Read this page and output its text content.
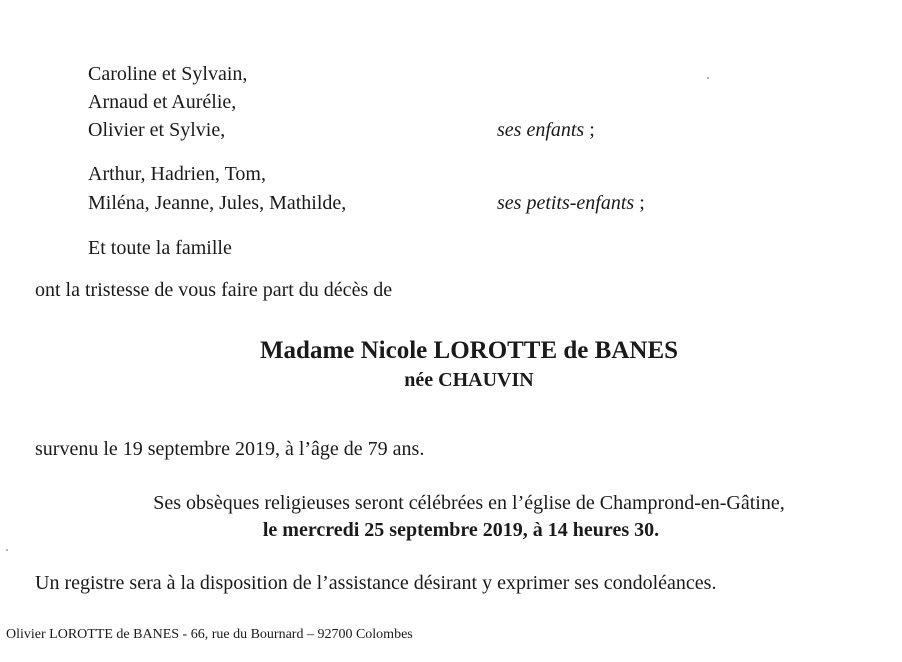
Caroline et Sylvain,
Arnaud et Aurélie,
Olivier et Sylvie,	ses enfants ;
Arthur, Hadrien, Tom,
Miléna, Jeanne, Jules, Mathilde,	ses petits-enfants ;
Et toute la famille
ont la tristesse de vous faire part du décès de
Madame Nicole LOROTTE de BANES
née CHAUVIN
survenu le 19 septembre 2019, à l’âge de 79 ans.
Ses obsèques religieuses seront célébrées en l’église de Champrond-en-Gâtine,
le mercredi 25 septembre 2019, à 14 heures 30.
Un registre sera à la disposition de l’assistance désirant y exprimer ses condoléances.
Olivier LOROTTE de BANES - 66, rue du Bournard – 92700 Colombes
